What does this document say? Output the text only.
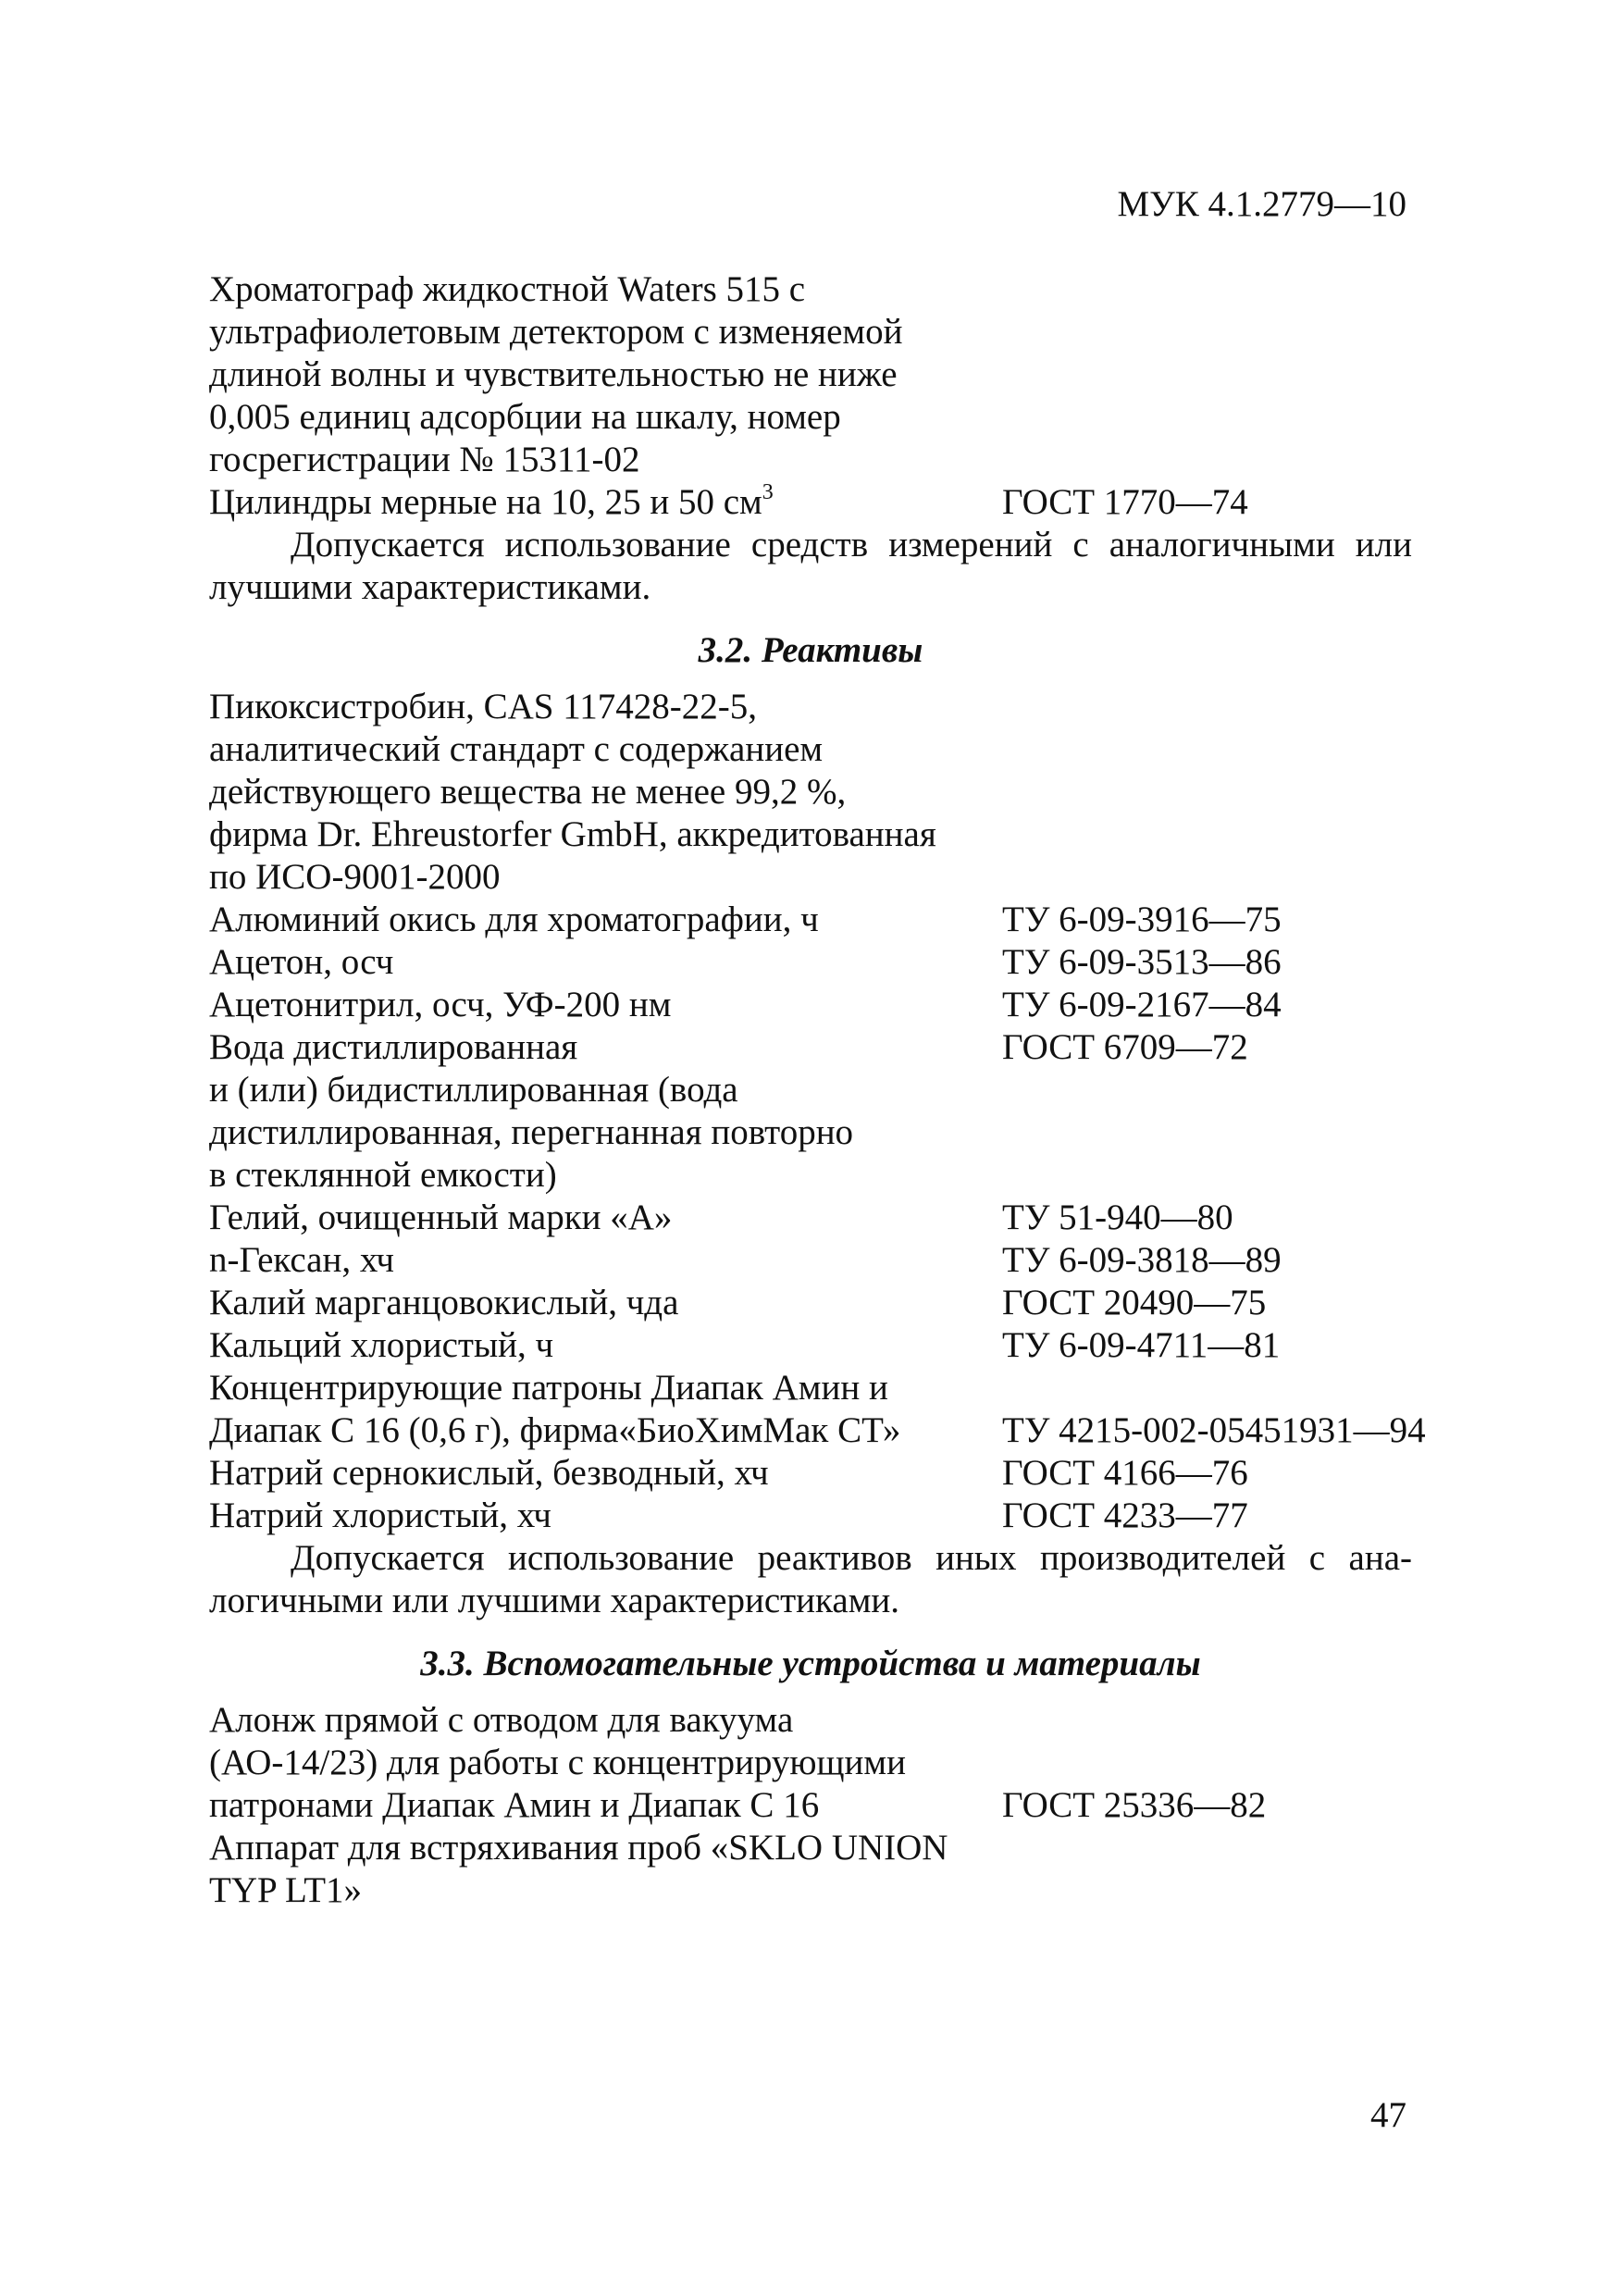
МУК 4.1.2779—10
Хроматограф жидкостной Waters 515 с
ультрафиолетовым детектором с изменяемой
длиной волны и чувствительностью не ниже
0,005 единиц адсорбции на шкалу, номер
госрегистрации № 15311-02
Цилиндры мерные на 10, 25 и 50 $см^3$	ГОСТ 1770—74
Допускается использование средств измерений с аналогичными или лучшими характеристиками.
3.2. Реактивы
Пикоксистробин, CAS 117428-22-5,
аналитический стандарт с содержанием
действующего вещества не менее 99,2 %,
фирма Dr. Ehreustorfer GmbH, аккредитованная
по ИСО-9001-2000
Алюминий окись для хроматографии, ч	ТУ 6-09-3916—75
Ацетон, осч	ТУ 6-09-3513—86
Ацетонитрил, осч, УФ-200 нм	ТУ 6-09-2167—84
Вода дистиллированная	ГОСТ 6709—72
и (или) бидистиллированная (вода
дистиллированная, перегнанная повторно
в стеклянной емкости)
Гелий, очищенный марки «А»	ТУ 51-940—80
n-Гексан, хч	ТУ 6-09-3818—89
Калий марганцовокислый, чда	ГОСТ 20490—75
Кальций хлористый, ч	ТУ 6-09-4711—81
Концентрирующие патроны Диапак Амин и
Диапак С 16 (0,6 г), фирма«БиоХимМак СТ»	ТУ 4215-002-05451931—94
Натрий сернокислый, безводный, хч	ГОСТ 4166—76
Натрий хлористый, хч	ГОСТ 4233—77
Допускается использование реактивов иных производителей с ана-логичными или лучшими характеристиками.
3.3. Вспомогательные устройства и материалы
Алонж прямой с отводом для вакуума
(АО-14/23) для работы с концентрирующими
патронами Диапак Амин и Диапак С 16	ГОСТ 25336—82
Аппарат для встряхивания проб «SKLO UNION
TYP LT1»
47
